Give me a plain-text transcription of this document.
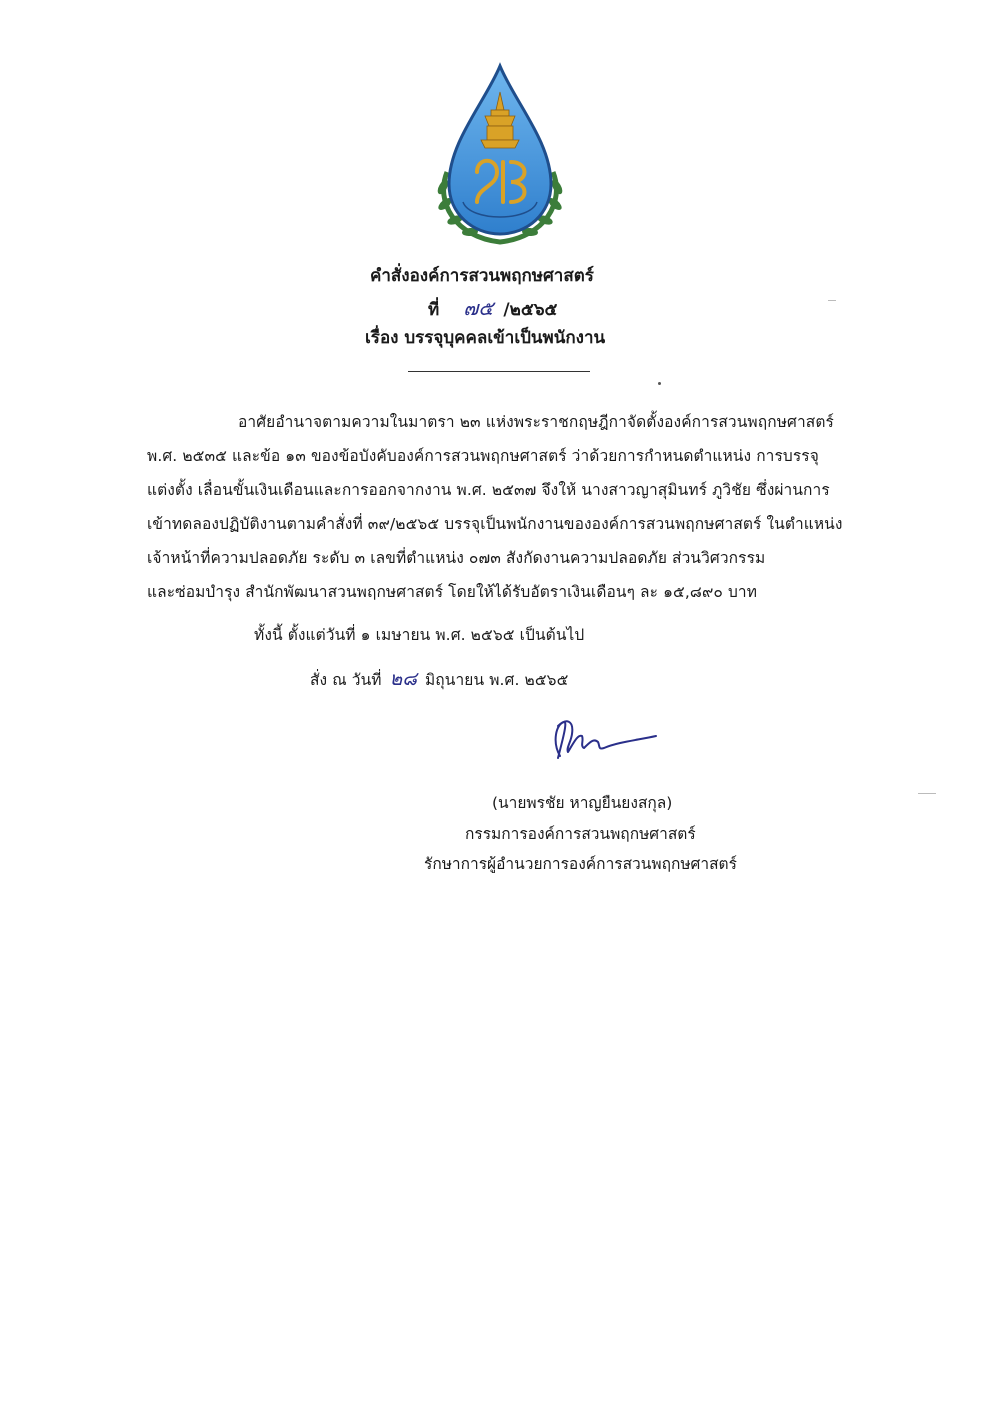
คำสั่งองค์การสวนพฤกษศาสตร์
ที่ ๗๕ /๒๕๖๕
เรื่อง บรรจุบุคคลเข้าเป็นพนักงาน
อาศัยอำนาจตามความในมาตรา ๒๓ แห่งพระราชกฤษฎีกาจัดตั้งองค์การสวนพฤกษศาสตร์
พ.ศ. ๒๕๓๕ และข้อ ๑๓ ของข้อบังคับองค์การสวนพฤกษศาสตร์ ว่าด้วยการกำหนดตำแหน่ง การบรรจุ
แต่งตั้ง เลื่อนขั้นเงินเดือนและการออกจากงาน พ.ศ. ๒๕๓๗ จึงให้ นางสาวญาสุมินทร์ ภูวิชัย ซึ่งผ่านการ
เข้าทดลองปฏิบัติงานตามคำสั่งที่ ๓๙/๒๕๖๕ บรรจุเป็นพนักงานขององค์การสวนพฤกษศาสตร์ ในตำแหน่ง
เจ้าหน้าที่ความปลอดภัย ระดับ ๓ เลขที่ตำแหน่ง ๐๗๓ สังกัดงานความปลอดภัย ส่วนวิศวกรรม
และซ่อมบำรุง สำนักพัฒนาสวนพฤกษศาสตร์ โดยให้ได้รับอัตราเงินเดือนๆ ละ ๑๕,๘๙๐ บาท
ทั้งนี้ ตั้งแต่วันที่ ๑ เมษายน พ.ศ. ๒๕๖๕ เป็นต้นไป
สั่ง ณ วันที่ ๒๘ มิถุนายน พ.ศ. ๒๕๖๕
(นายพรชัย หาญยืนยงสกุล)
กรรมการองค์การสวนพฤกษศาสตร์
รักษาการผู้อำนวยการองค์การสวนพฤกษศาสตร์
